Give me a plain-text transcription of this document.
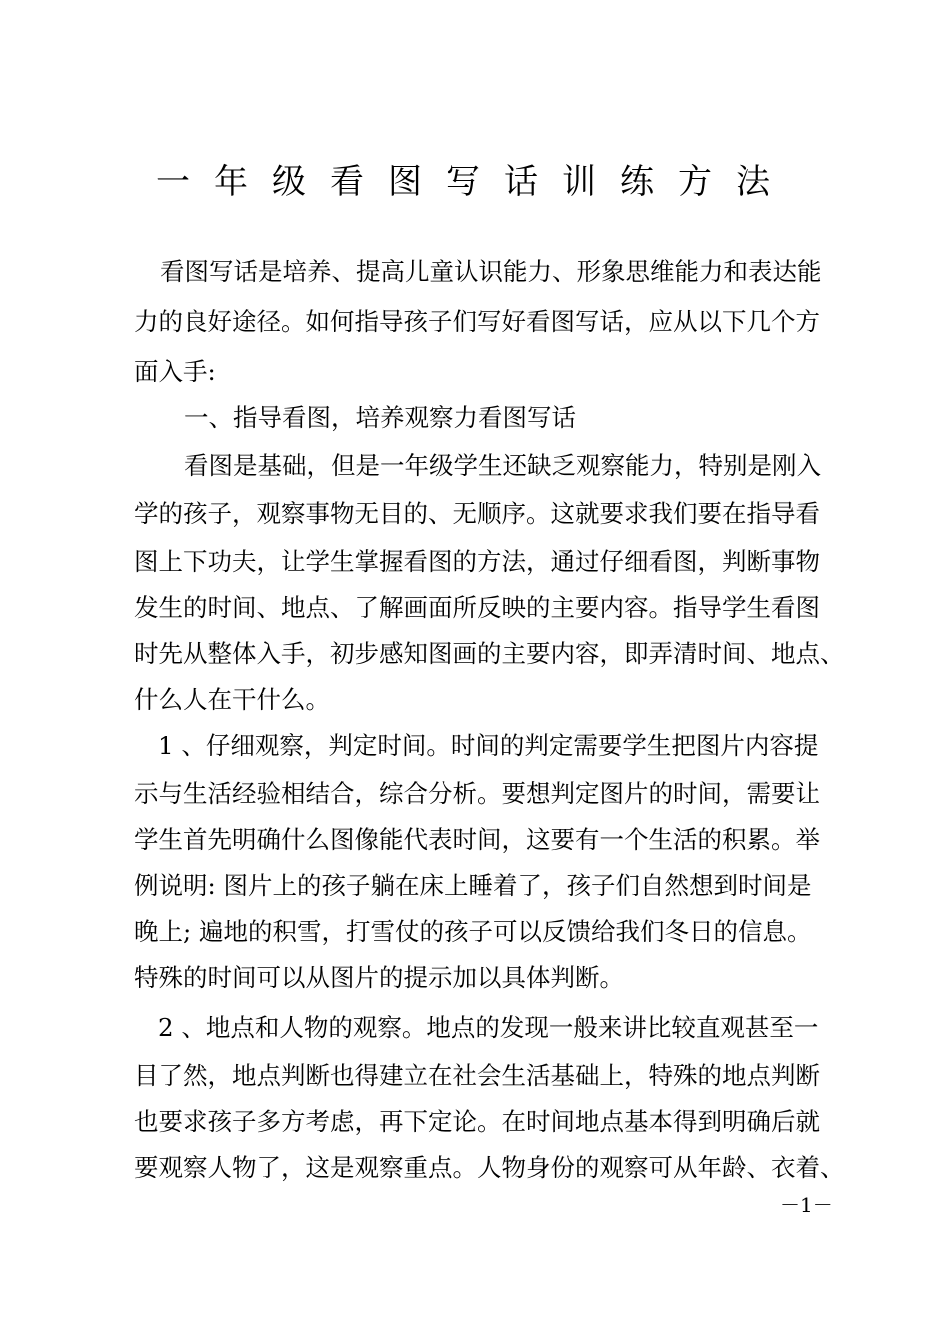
一年级看图写话训练方法
看图写话是培养、提高儿童认识能力、形象思维能力和表达能
力的良好途径。如何指导孩子们写好看图写话，应从以下几个方
面入手:
一、指导看图，培养观察力看图写话
看图是基础，但是一年级学生还缺乏观察能力，特别是刚入
学的孩子，观察事物无目的、无顺序。这就要求我们要在指导看
图上下功夫，让学生掌握看图的方法，通过仔细看图，判断事物
发生的时间、地点、了解画面所反映的主要内容。指导学生看图
时先从整体入手，初步感知图画的主要内容，即弄清时间、地点、
什么人在干什么。
1 、仔细观察，判定时间。时间的判定需要学生把图片内容提
示与生活经验相结合，综合分析。要想判定图片的时间，需要让
学生首先明确什么图像能代表时间，这要有一个生活的积累。举
例说明: 图片上的孩子躺在床上睡着了，孩子们自然想到时间是
晚上; 遍地的积雪，打雪仗的孩子可以反馈给我们冬日的信息。
特殊的时间可以从图片的提示加以具体判断。
2 、地点和人物的观察。地点的发现一般来讲比较直观甚至一
目了然，地点判断也得建立在社会生活基础上，特殊的地点判断
也要求孩子多方考虑，再下定论。在时间地点基本得到明确后就
要观察人物了，这是观察重点。人物身份的观察可从年龄、衣着、
－1－
